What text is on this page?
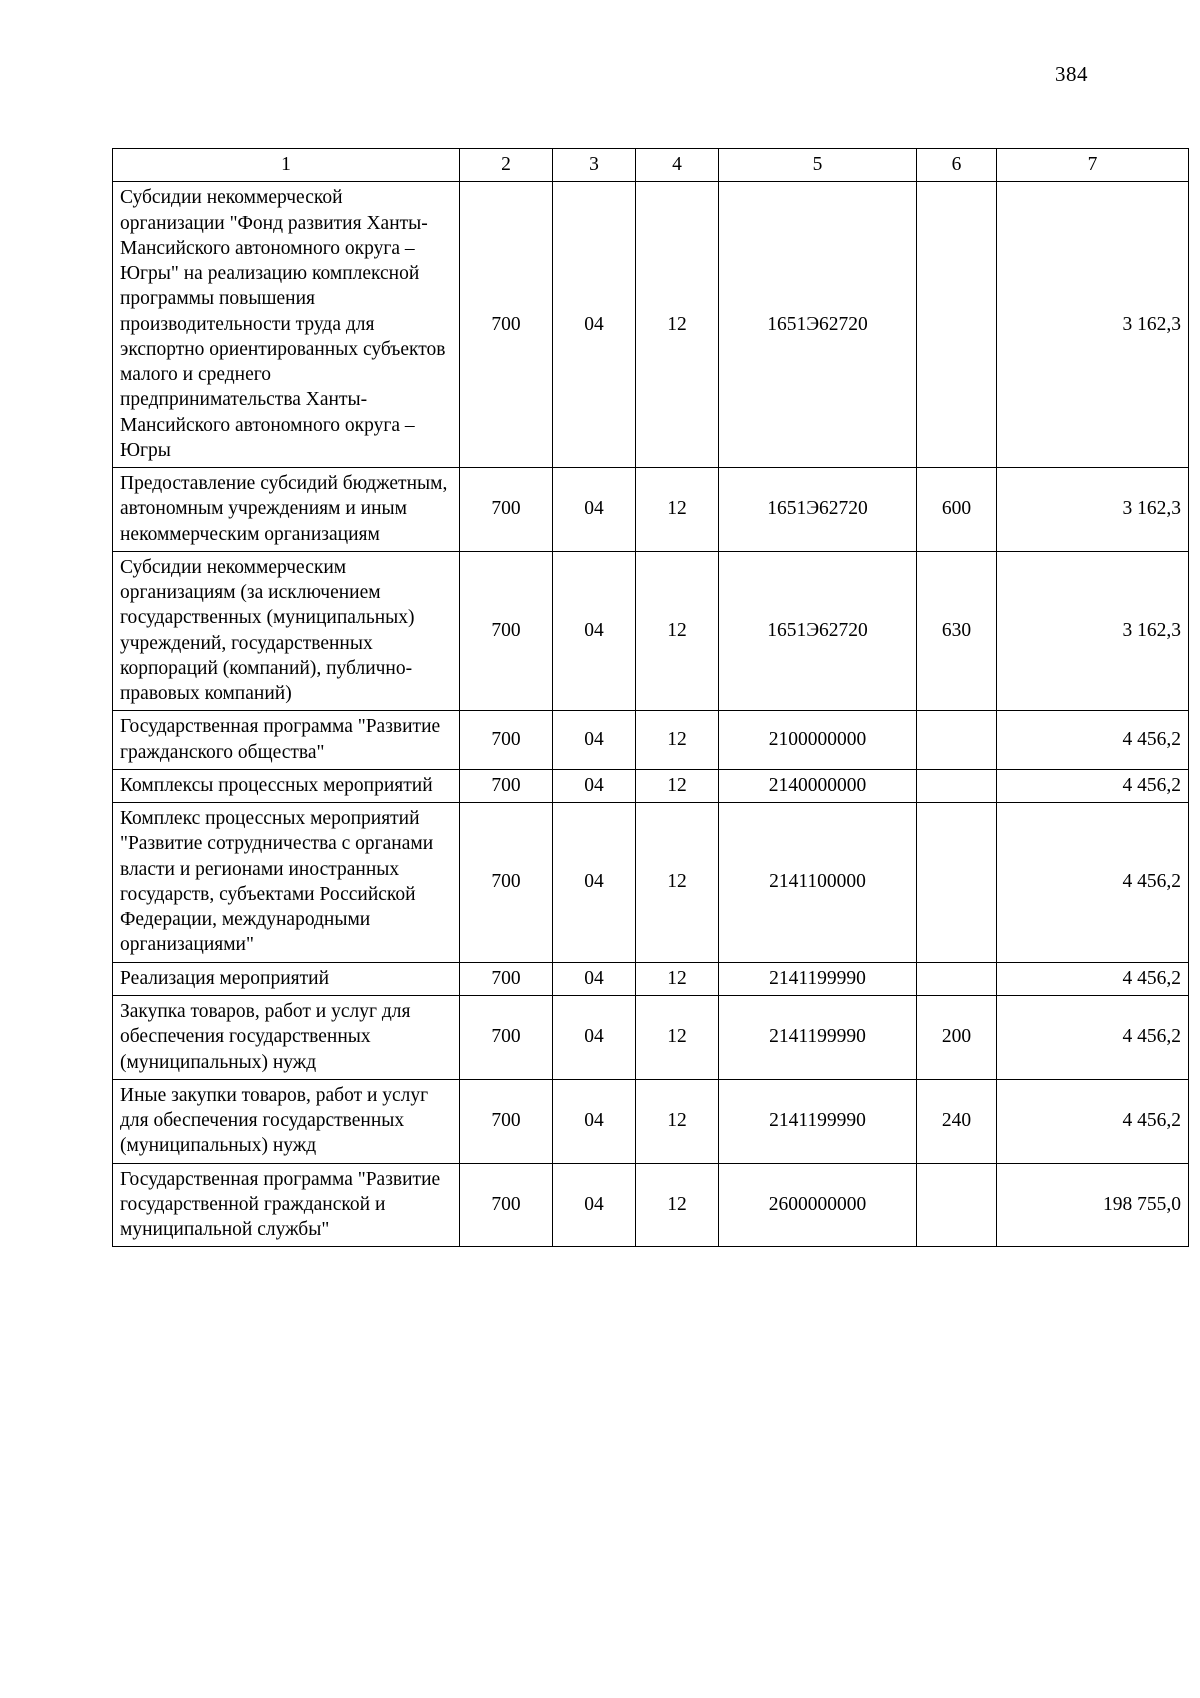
384
1	2	3	4	5	6	7
Субсидии некоммерческой организации "Фонд развития Ханты-Мансийского автономного округа – Югры" на реализацию комплексной программы повышения производительности труда для экспортно ориентированных субъектов малого и среднего предпринимательства Ханты-Мансийского автономного округа – Югры	700	04	12	1651Э62720		3 162,3
Предоставление субсидий бюджетным, автономным учреждениям и иным некоммерческим организациям	700	04	12	1651Э62720	600	3 162,3
Субсидии некоммерческим организациям (за исключением государственных (муниципальных) учреждений, государственных корпораций (компаний), публично-правовых компаний)	700	04	12	1651Э62720	630	3 162,3
Государственная программа "Развитие гражданского общества"	700	04	12	2100000000		4 456,2
Комплексы процессных мероприятий	700	04	12	2140000000		4 456,2
Комплекс процессных мероприятий "Развитие сотрудничества с органами власти и регионами иностранных государств, субъектами Российской Федерации, международными организациями"	700	04	12	2141100000		4 456,2
Реализация мероприятий	700	04	12	2141199990		4 456,2
Закупка товаров, работ и услуг для обеспечения государственных (муниципальных) нужд	700	04	12	2141199990	200	4 456,2
Иные закупки товаров, работ и услуг для обеспечения государственных (муниципальных) нужд	700	04	12	2141199990	240	4 456,2
Государственная программа "Развитие государственной гражданской и муниципальной службы"	700	04	12	2600000000		198 755,0
